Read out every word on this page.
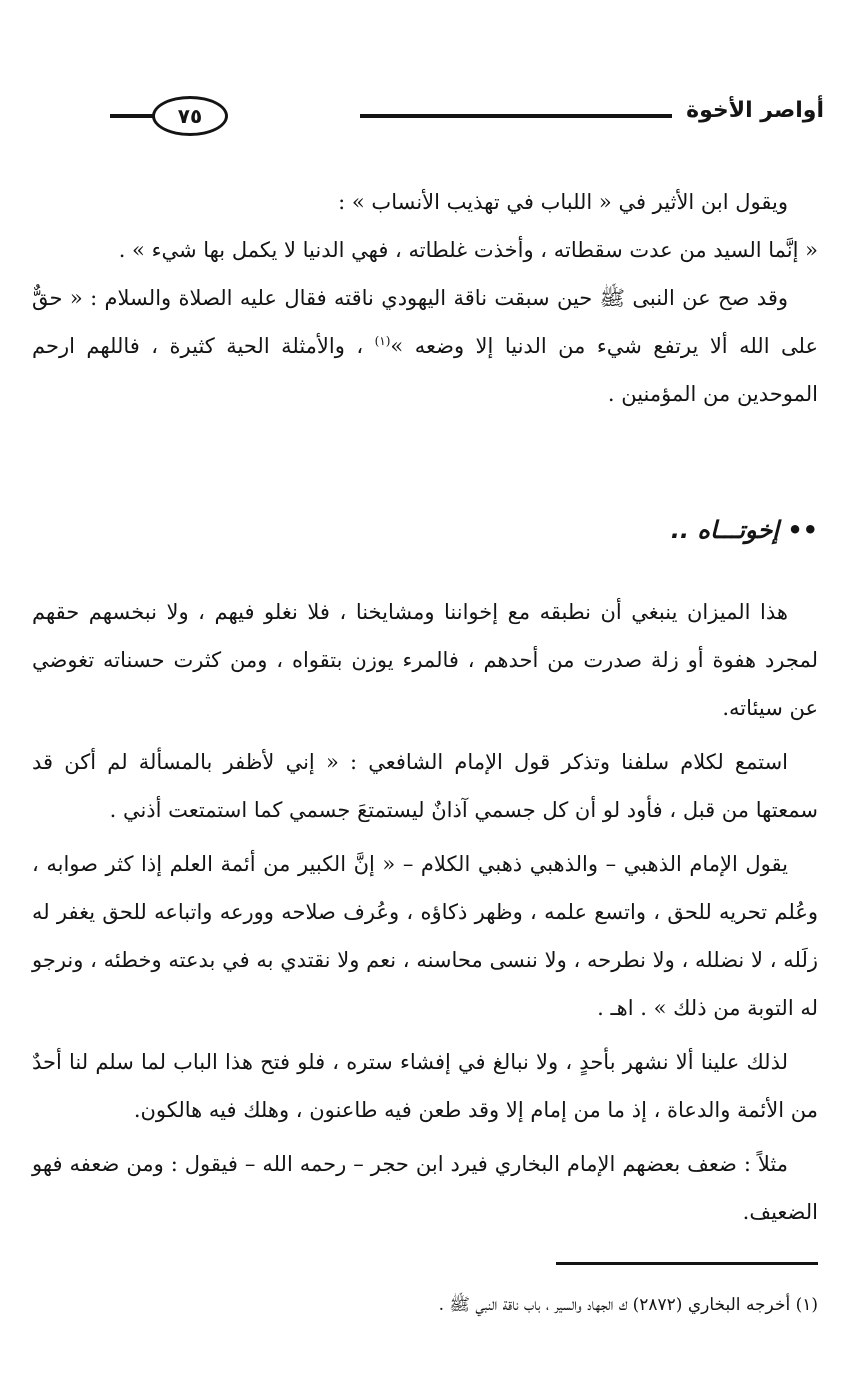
٧٥	أواصر الأخوة

ويقول ابن الأثير في « اللباب في تهذيب الأنساب » :

« إنَّما السيد من عدت سقطاته ، وأخذت غلطاته ، فهي الدنيا لا يكمل بها شيء » .

وقد صح عن النبى ﷺ حين سبقت ناقة اليهودي ناقته فقال عليه الصلاة والسلام : « حقٌّ على الله ألا يرتفع شيء من الدنيا إلا وضعه »$^{(١)}$ ، والأمثلة الحية كثيرة ، فاللهم ارحم الموحدين من المؤمنين .

•• إخوتـــاه ..

هذا الميزان ينبغي أن نطبقه مع إخواننا ومشايخنا ، فلا نغلو فيهم ، ولا نبخسهم حقهم لمجرد هفوة أو زلة صدرت من أحدهم ، فالمرء يوزن بتقواه ، ومن كثرت حسناته تغوضي عن سيئاته.

استمع لكلام سلفنا وتذكر قول الإمام الشافعي : « إني لأظفر بالمسألة لم أكن قد سمعتها من قبل ، فأود لو أن كل جسمي آذانٌ ليستمتعَ جسمي كما استمتعت أذني .

يقول الإمام الذهبي – والذهبي ذهبي الكلام – « إنَّ الكبير من أئمة العلم إذا كثر صوابه ، وعُلم تحريه للحق ، واتسع علمه ، وظهر ذكاؤه ، وعُرف صلاحه وورعه واتباعه للحق يغفر له زلَله ، لا نضلله ، ولا نطرحه ، ولا ننسى محاسنه ، نعم ولا نقتدي به في بدعته وخطئه ، ونرجو له التوبة من ذلك » . اهـ .

لذلك علينا ألا نشهر بأحدٍ ، ولا نبالغ في إفشاء ستره ، فلو فتح هذا الباب لما سلم لنا أحدٌ من الأئمة والدعاة ، إذ ما من إمام إلا وقد طعن فيه طاعنون ، وهلك فيه هالكون.

مثلاً : ضعف بعضهم الإمام البخاري فيرد ابن حجر – رحمه الله – فيقول : ومن ضعفه فهو الضعيف.

(١) أخرجه البخاري (٢٨٧٢) ك الجهاد والسير ، باب ناقة النبي ﷺ .
